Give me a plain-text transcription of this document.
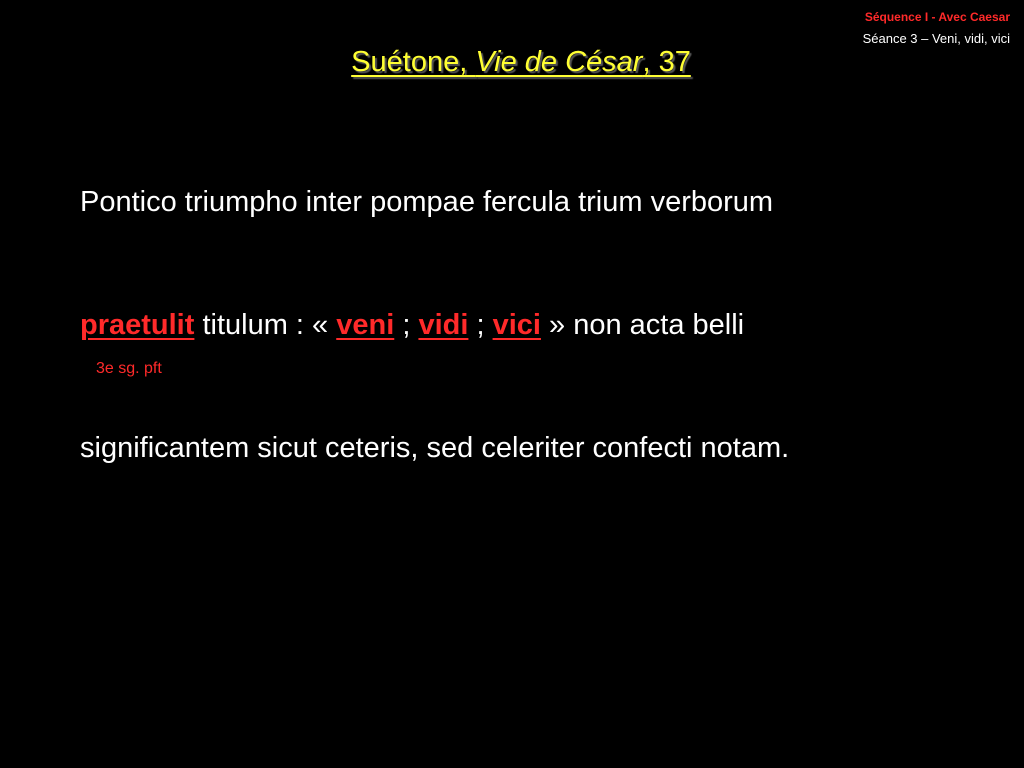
Séquence I - Avec Caesar
Séance 3 – Veni, vidi, vici
Suétone, Vie de César, 37
Pontico triumpho inter pompae fercula trium verborum
praetulit titulum : « veni ; vidi ; vici » non acta belli
3e sg. pft
significantem sicut ceteris, sed celeriter confecti notam.
